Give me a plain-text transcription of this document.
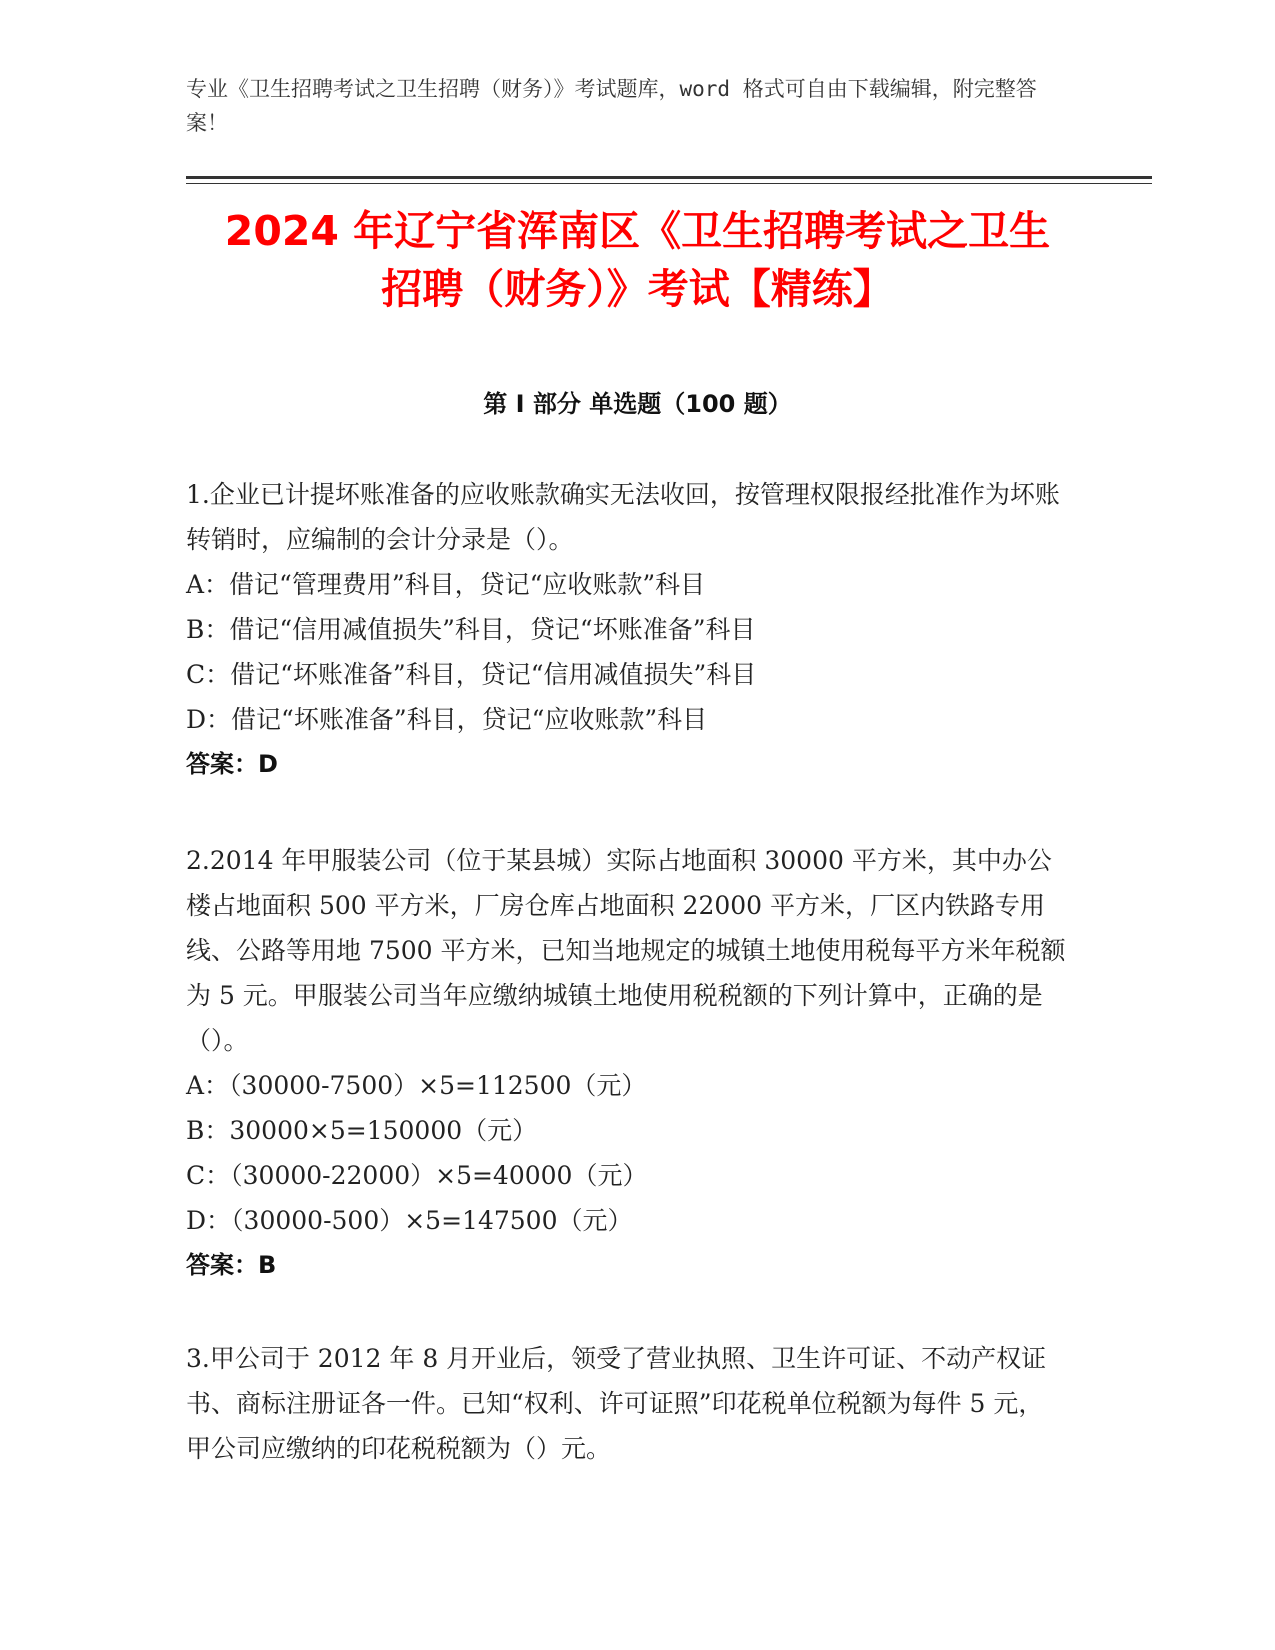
专业《卫生招聘考试之卫生招聘（财务）》考试题库，word 格式可自由下载编辑，附完整答案！
2024 年辽宁省浑南区《卫生招聘考试之卫生
招聘（财务）》考试【精练】
第 I 部分 单选题（100 题）

1.企业已计提坏账准备的应收账款确实无法收回，按管理权限报经批准作为坏账转销时，应编制的会计分录是（）。

A：借记“管理费用”科目，贷记“应收账款”科目

B：借记“信用减值损失”科目，贷记“坏账准备”科目

C：借记“坏账准备”科目，贷记“信用减值损失”科目

D：借记“坏账准备”科目，贷记“应收账款”科目

答案：D

2.2014 年甲服装公司（位于某县城）实际占地面积 30000 平方米，其中办公楼占地面积 500 平方米，厂房仓库占地面积 22000 平方米，厂区内铁路专用线、公路等用地 7500 平方米，已知当地规定的城镇土地使用税每平方米年税额为 5 元。甲服装公司当年应缴纳城镇土地使用税税额的下列计算中，正确的是（）。

A：（30000-7500）×5=112500（元）

B：30000×5=150000（元）

C：（30000-22000）×5=40000（元）

D：（30000-500）×5=147500（元）

答案：B

3.甲公司于 2012 年 8 月开业后，领受了营业执照、卫生许可证、不动产权证书、商标注册证各一件。已知“权利、许可证照”印花税单位税额为每件 5 元，甲公司应缴纳的印花税税额为（）元。
